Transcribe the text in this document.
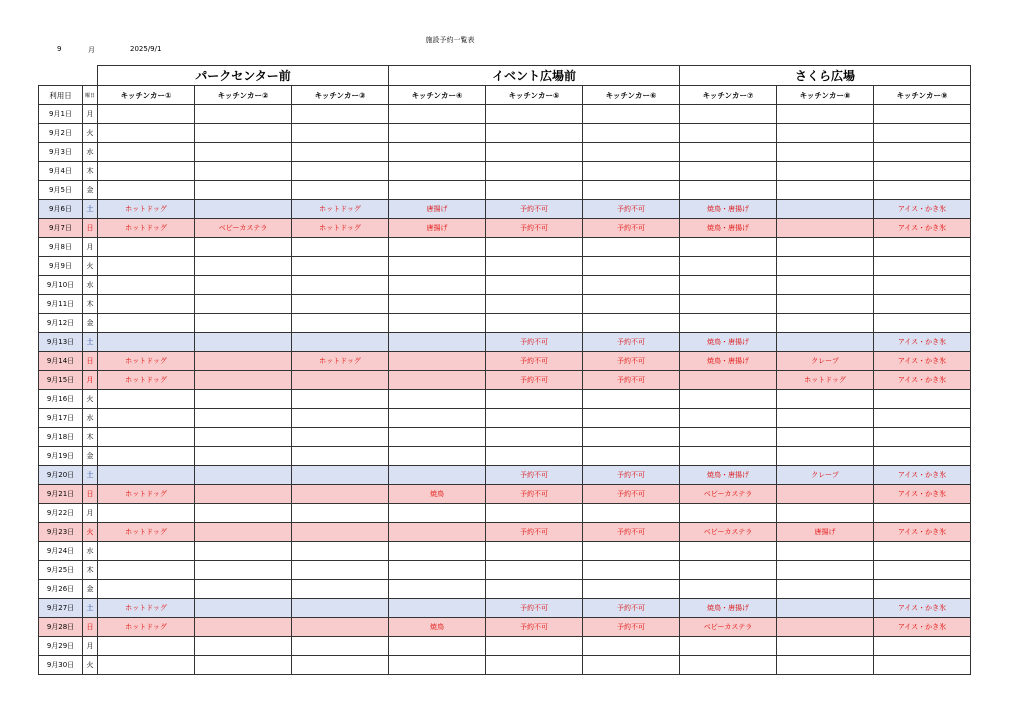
施設予約一覧表
9	月	2025/9/1
		パークセンター前			イベント広場前			さくら広場		
利用日	曜日	キッチンカー①	キッチンカー②	キッチンカー③	キッチンカー④	キッチンカー⑤	キッチンカー⑥	キッチンカー⑦	キッチンカー⑧	キッチンカー⑨
9月1日	月									
9月2日	火									
9月3日	水									
9月4日	木									
9月5日	金									
9月6日	土	ホットドッグ		ホットドッグ	唐揚げ	予約不可	予約不可	焼鳥・唐揚げ		アイス・かき氷
9月7日	日	ホットドッグ	ベビーカステラ	ホットドッグ	唐揚げ	予約不可	予約不可	焼鳥・唐揚げ		アイス・かき氷
9月8日	月									
9月9日	火									
9月10日	水									
9月11日	木									
9月12日	金									
9月13日	土					予約不可	予約不可	焼鳥・唐揚げ		アイス・かき氷
9月14日	日	ホットドッグ		ホットドッグ		予約不可	予約不可	焼鳥・唐揚げ	クレープ	アイス・かき氷
9月15日	月	ホットドッグ				予約不可	予約不可		ホットドッグ	アイス・かき氷
9月16日	火									
9月17日	水									
9月18日	木									
9月19日	金									
9月20日	土					予約不可	予約不可	焼鳥・唐揚げ	クレープ	アイス・かき氷
9月21日	日	ホットドッグ			焼鳥	予約不可	予約不可	ベビーカステラ		アイス・かき氷
9月22日	月									
9月23日	火	ホットドッグ				予約不可	予約不可	ベビーカステラ	唐揚げ	アイス・かき氷
9月24日	水									
9月25日	木									
9月26日	金									
9月27日	土	ホットドッグ				予約不可	予約不可	焼鳥・唐揚げ		アイス・かき氷
9月28日	日	ホットドッグ			焼鳥	予約不可	予約不可	ベビーカステラ		アイス・かき氷
9月29日	月									
9月30日	火									
